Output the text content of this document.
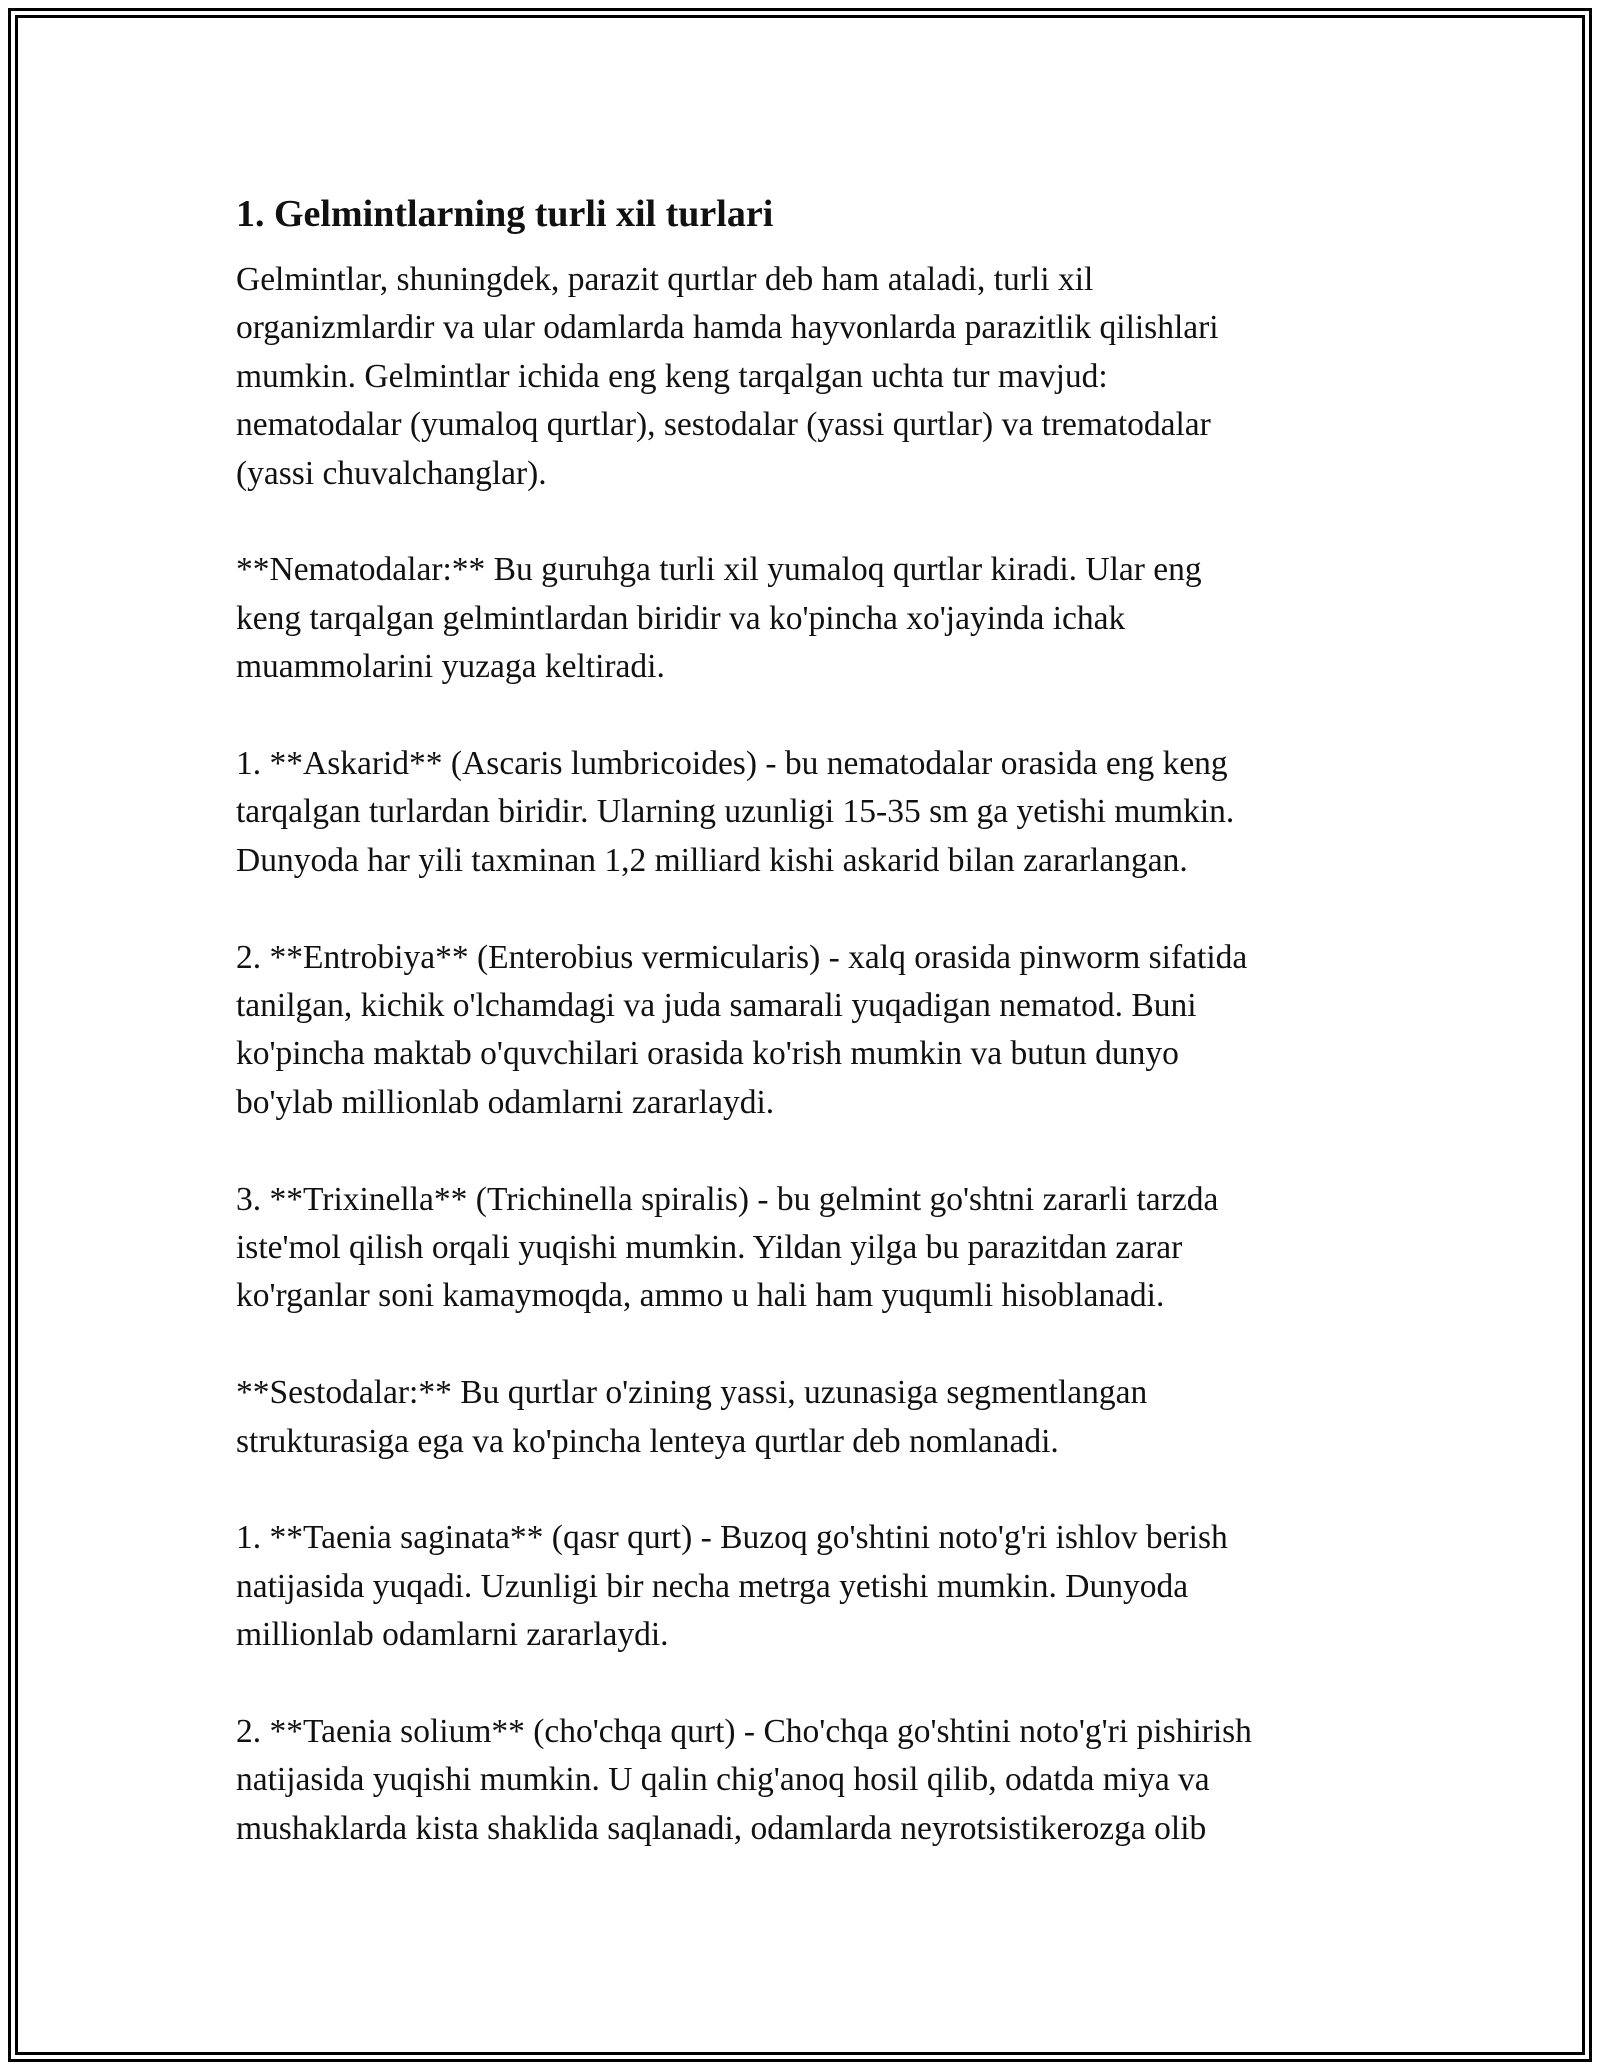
1. Gelmintlarning turli xil turlari

Gelmintlar, shuningdek, parazit qurtlar deb ham ataladi, turli xil
organizmlardir va ular odamlarda hamda hayvonlarda parazitlik qilishlari
mumkin. Gelmintlar ichida eng keng tarqalgan uchta tur mavjud:
nematodalar (yumaloq qurtlar), sestodalar (yassi qurtlar) va trematodalar
(yassi chuvalchanglar).

**Nematodalar:** Bu guruhga turli xil yumaloq qurtlar kiradi. Ular eng
keng tarqalgan gelmintlardan biridir va ko'pincha xo'jayinda ichak
muammolarini yuzaga keltiradi.

1. **Askarid** (Ascaris lumbricoides) - bu nematodalar orasida eng keng
tarqalgan turlardan biridir. Ularning uzunligi 15-35 sm ga yetishi mumkin.
Dunyoda har yili taxminan 1,2 milliard kishi askarid bilan zararlangan.

2. **Entrobiya** (Enterobius vermicularis) - xalq orasida pinworm sifatida
tanilgan, kichik o'lchamdagi va juda samarali yuqadigan nematod. Buni
ko'pincha maktab o'quvchilari orasida ko'rish mumkin va butun dunyo
bo'ylab millionlab odamlarni zararlaydi.

3. **Trixinella** (Trichinella spiralis) - bu gelmint go'shtni zararli tarzda
iste'mol qilish orqali yuqishi mumkin. Yildan yilga bu parazitdan zarar
ko'rganlar soni kamaymoqda, ammo u hali ham yuqumli hisoblanadi.

**Sestodalar:** Bu qurtlar o'zining yassi, uzunasiga segmentlangan
strukturasiga ega va ko'pincha lenteya qurtlar deb nomlanadi.

1. **Taenia saginata** (qasr qurt) - Buzoq go'shtini noto'g'ri ishlov berish
natijasida yuqadi. Uzunligi bir necha metrga yetishi mumkin. Dunyoda
millionlab odamlarni zararlaydi.

2. **Taenia solium** (cho'chqa qurt) - Cho'chqa go'shtini noto'g'ri pishirish
natijasida yuqishi mumkin. U qalin chig'anoq hosil qilib, odatda miya va
mushaklarda kista shaklida saqlanadi, odamlarda neyrotsistikerozga olib
